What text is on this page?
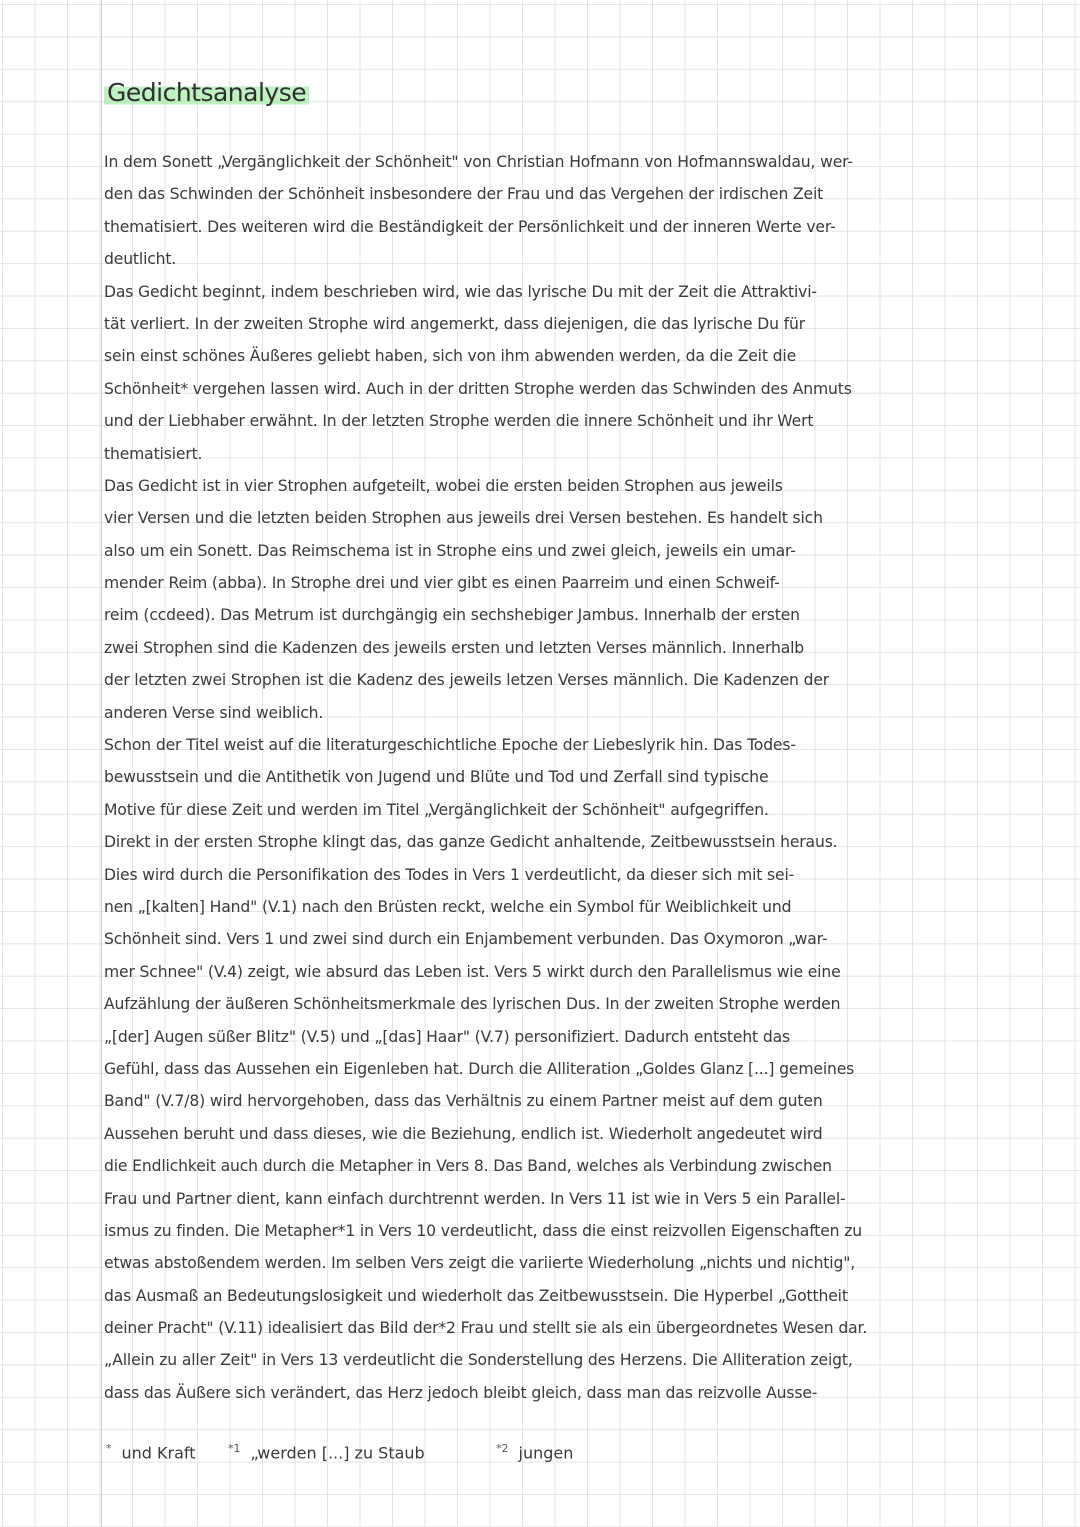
Gedichtsanalyse
In dem Sonett „Vergänglichkeit der Schönheit" von Christian Hofmann von Hofmannswaldau, wer-
den das Schwinden der Schönheit insbesondere der Frau und das Vergehen der irdischen Zeit
thematisiert. Des weiteren wird die Beständigkeit der Persönlichkeit und der inneren Werte ver-
deutlicht.
Das Gedicht beginnt, indem beschrieben wird, wie das lyrische Du mit der Zeit die Attraktivi-
tät verliert. In der zweiten Strophe wird angemerkt, dass diejenigen, die das lyrische Du für
sein einst schönes Äußeres geliebt haben, sich von ihm abwenden werden, da die Zeit die
Schönheit* vergehen lassen wird. Auch in der dritten Strophe werden das Schwinden des Anmuts
und der Liebhaber erwähnt. In der letzten Strophe werden die innere Schönheit und ihr Wert
thematisiert.
Das Gedicht ist in vier Strophen aufgeteilt, wobei die ersten beiden Strophen aus jeweils
vier Versen und die letzten beiden Strophen aus jeweils drei Versen bestehen. Es handelt sich
also um ein Sonett. Das Reimschema ist in Strophe eins und zwei gleich, jeweils ein umar-
mender Reim (abba). In Strophe drei und vier gibt es einen Paarreim und einen Schweif-
reim (ccdeed). Das Metrum ist durchgängig ein sechshebiger Jambus. Innerhalb der ersten
zwei Strophen sind die Kadenzen des jeweils ersten und letzten Verses männlich. Innerhalb
der letzten zwei Strophen ist die Kadenz des jeweils letzen Verses männlich. Die Kadenzen der
anderen Verse sind weiblich.
Schon der Titel weist auf die literaturgeschichtliche Epoche der Liebeslyrik hin. Das Todes-
bewusstsein und die Antithetik von Jugend und Blüte und Tod und Zerfall sind typische
Motive für diese Zeit und werden im Titel „Vergänglichkeit der Schönheit" aufgegriffen.
Direkt in der ersten Strophe klingt das, das ganze Gedicht anhaltende, Zeitbewusstsein heraus.
Dies wird durch die Personifikation des Todes in Vers 1 verdeutlicht, da dieser sich mit sei-
nen „[kalten] Hand" (V.1) nach den Brüsten reckt, welche ein Symbol für Weiblichkeit und
Schönheit sind. Vers 1 und zwei sind durch ein Enjambement verbunden. Das Oxymoron „war-
mer Schnee" (V.4) zeigt, wie absurd das Leben ist. Vers 5 wirkt durch den Parallelismus wie eine
Aufzählung der äußeren Schönheitsmerkmale des lyrischen Dus. In der zweiten Strophe werden
„[der] Augen süßer Blitz" (V.5) und „[das] Haar" (V.7) personifiziert. Dadurch entsteht das
Gefühl, dass das Aussehen ein Eigenleben hat. Durch die Alliteration „Goldes Glanz [...] gemeines
Band" (V.7/8) wird hervorgehoben, dass das Verhältnis zu einem Partner meist auf dem guten
Aussehen beruht und dass dieses, wie die Beziehung, endlich ist. Wiederholt angedeutet wird
die Endlichkeit auch durch die Metapher in Vers 8. Das Band, welches als Verbindung zwischen
Frau und Partner dient, kann einfach durchtrennt werden. In Vers 11 ist wie in Vers 5 ein Parallel-
ismus zu finden. Die Metapher*1 in Vers 10 verdeutlicht, dass die einst reizvollen Eigenschaften zu
etwas abstoßendem werden. Im selben Vers zeigt die variierte Wiederholung „nichts und nichtig",
das Ausmaß an Bedeutungslosigkeit und wiederholt das Zeitbewusstsein. Die Hyperbel „Gottheit
deiner Pracht" (V.11) idealisiert das Bild der*2 Frau und stellt sie als ein übergeordnetes Wesen dar.
„Allein zu aller Zeit" in Vers 13 verdeutlicht die Sonderstellung des Herzens. Die Alliteration zeigt,
dass das Äußere sich verändert, das Herz jedoch bleibt gleich, dass man das reizvolle Ausse-
* und Kraft	$^{*1}$ „werden [...] zu Staub	$^{*2}$ jungen
